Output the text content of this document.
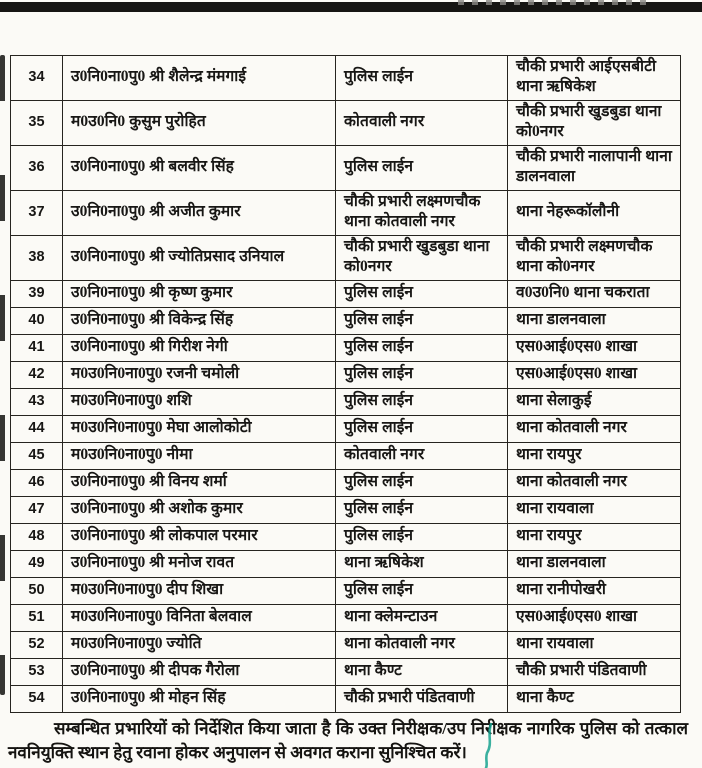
34	उ0नि0ना0पु0 श्री शैलेन्द्र मंमगाई	पुलिस लाईन	चौकी प्रभारी आईएसबीटी थाना ऋषिकेश
35	म0उ0नि0 कुसुम पुरोहित	कोतवाली नगर	चौकी प्रभारी खुडबुडा थाना को0नगर
36	उ0नि0ना0पु0 श्री बलवीर सिंह	पुलिस लाईन	चौकी प्रभारी नालापानी थाना डालनवाला
37	उ0नि0ना0पु0 श्री अजीत कुमार	चौकी प्रभारी लक्ष्मणचौक थाना कोतवाली नगर	थाना नेहरूकॉलौनी
38	उ0नि0ना0पु0 श्री ज्योतिप्रसाद उनियाल	चौकी प्रभारी खुडबुडा थाना को0नगर	चौकी प्रभारी लक्ष्मणचौक थाना को0नगर
39	उ0नि0ना0पु0 श्री कृष्ण कुमार	पुलिस लाईन	व0उ0नि0 थाना चकराता
40	उ0नि0ना0पु0 श्री विकेन्द्र सिंह	पुलिस लाईन	थाना डालनवाला
41	उ0नि0ना0पु0 श्री गिरीश नेगी	पुलिस लाईन	एस0आई0एस0 शाखा
42	म0उ0नि0ना0पु0 रजनी चमोली	पुलिस लाईन	एस0आई0एस0 शाखा
43	म0उ0नि0ना0पु0 शशि	पुलिस लाईन	थाना सेलाकुई
44	म0उ0नि0ना0पु0 मेघा आलोकोटी	पुलिस लाईन	थाना कोतवाली नगर
45	म0उ0नि0ना0पु0 नीमा	कोतवाली नगर	थाना रायपुर
46	उ0नि0ना0पु0 श्री विनय शर्मा	पुलिस लाईन	थाना कोतवाली नगर
47	उ0नि0ना0पु0 श्री अशोक कुमार	पुलिस लाईन	थाना रायवाला
48	उ0नि0ना0पु0 श्री लोकपाल परमार	पुलिस लाईन	थाना रायपुर
49	उ0नि0ना0पु0 श्री मनोज रावत	थाना ऋषिकेश	थाना डालनवाला
50	म0उ0नि0ना0पु0 दीप शिखा	पुलिस लाईन	थाना रानीपोखरी
51	म0उ0नि0ना0पु0 विनिता बेलवाल	थाना क्लेमन्टाउन	एस0आई0एस0 शाखा
52	म0उ0नि0ना0पु0 ज्योति	थाना कोतवाली नगर	थाना रायवाला
53	उ0नि0ना0पु0 श्री दीपक गैरोला	थाना कैण्ट	चौकी प्रभारी पंडितवाणी
54	उ0नि0ना0पु0 श्री मोहन सिंह	चौकी प्रभारी पंडितवाणी	थाना कैण्ट

सम्बन्धित प्रभारियों को निर्देशित किया जाता है कि उक्त निरीक्षक/उप निरीक्षक नागरिक पुलिस को तत्काल नवनियुक्ति स्थान हेतु रवाना होकर अनुपालन से अवगत कराना सुनिश्चित करें।
